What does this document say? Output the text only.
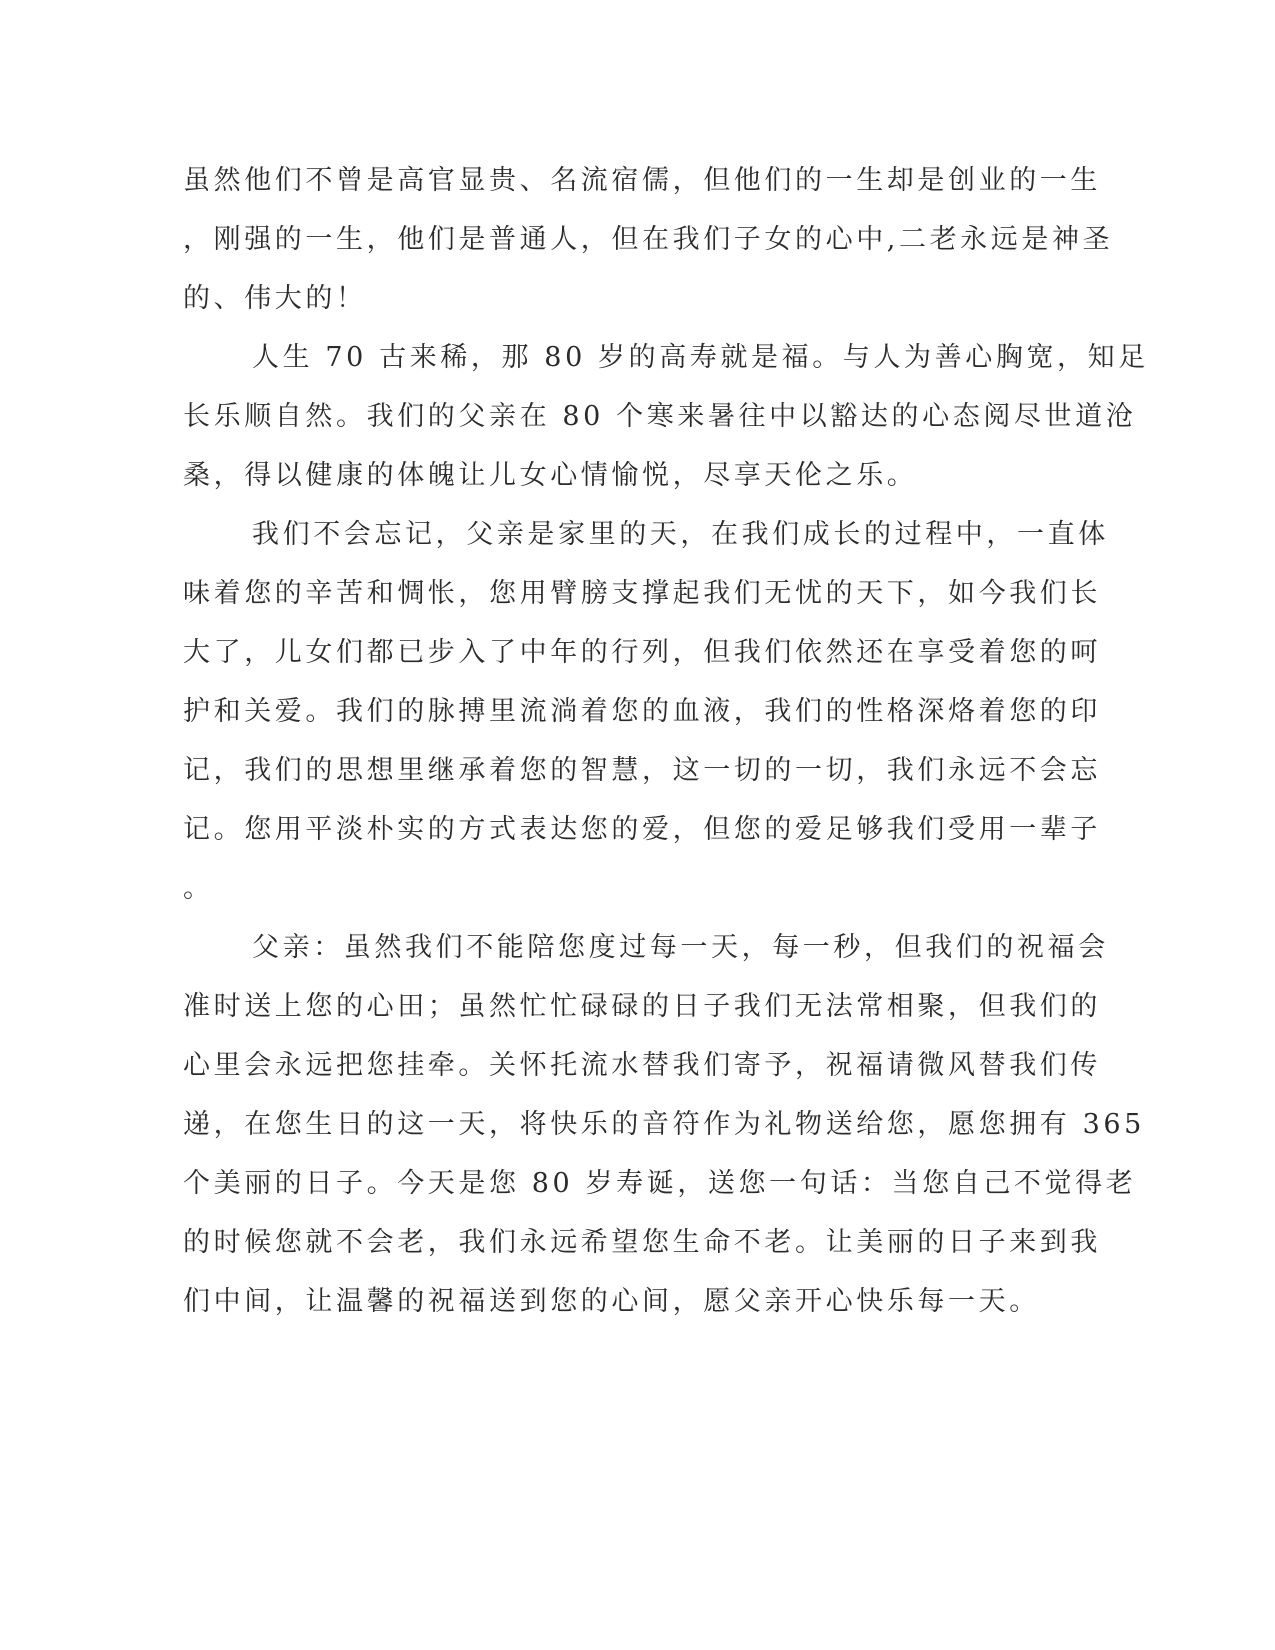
虽然他们不曾是高官显贵、名流宿儒，但他们的一生却是创业的一生

，刚强的一生，他们是普通人，但在我们子女的心中,二老永远是神圣

的、伟大的！

人生 70 古来稀，那 80 岁的高寿就是福。与人为善心胸宽，知足

长乐顺自然。我们的父亲在 80 个寒来暑往中以豁达的心态阅尽世道沧

桑，得以健康的体魄让儿女心情愉悦，尽享天伦之乐。

我们不会忘记，父亲是家里的天，在我们成长的过程中，一直体

味着您的辛苦和惆怅，您用臂膀支撑起我们无忧的天下，如今我们长

大了，儿女们都已步入了中年的行列，但我们依然还在享受着您的呵

护和关爱。我们的脉搏里流淌着您的血液，我们的性格深烙着您的印

记，我们的思想里继承着您的智慧，这一切的一切，我们永远不会忘

记。您用平淡朴实的方式表达您的爱，但您的爱足够我们受用一辈子

。

父亲：虽然我们不能陪您度过每一天，每一秒，但我们的祝福会

准时送上您的心田；虽然忙忙碌碌的日子我们无法常相聚，但我们的

心里会永远把您挂牵。关怀托流水替我们寄予，祝福请微风替我们传

递，在您生日的这一天，将快乐的音符作为礼物送给您，愿您拥有 365

个美丽的日子。今天是您 80 岁寿诞，送您一句话：当您自己不觉得老

的时候您就不会老，我们永远希望您生命不老。让美丽的日子来到我

们中间，让温馨的祝福送到您的心间，愿父亲开心快乐每一天。
